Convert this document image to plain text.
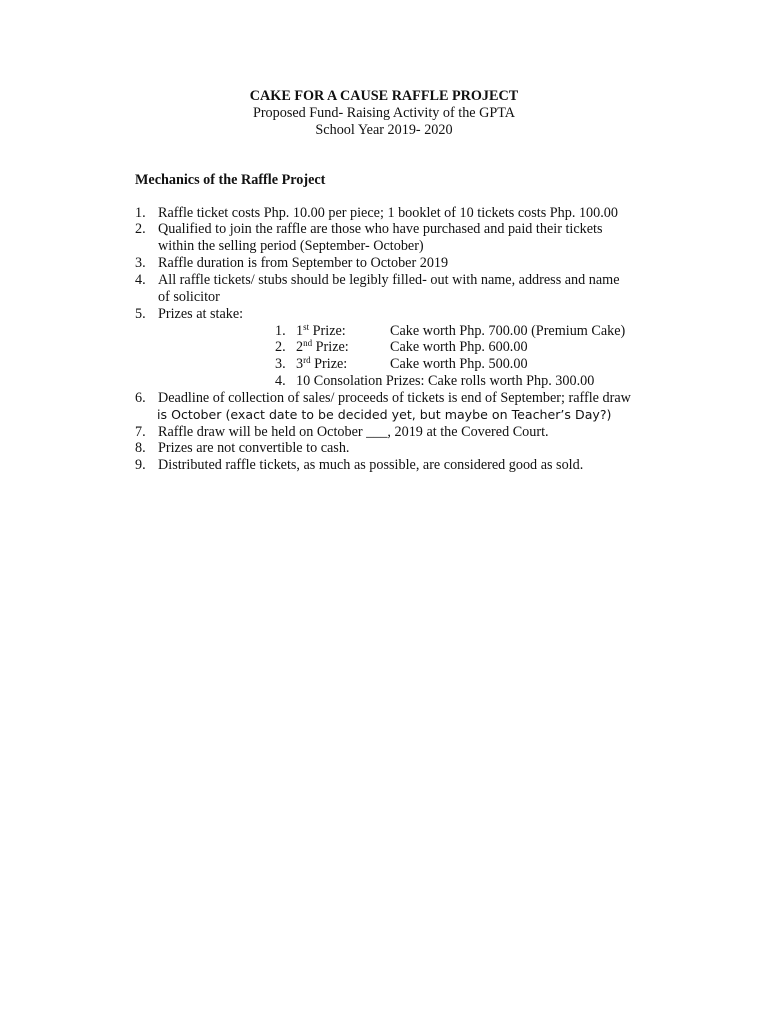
CAKE FOR A CAUSE RAFFLE PROJECT
Proposed Fund- Raising Activity of the GPTA
School Year 2019- 2020
Mechanics of the Raffle Project
1. Raffle ticket costs Php. 10.00 per piece; 1 booklet of 10 tickets costs Php. 100.00
2. Qualified to join the raffle are those who have purchased and paid their tickets
within the selling period (September- October)
3. Raffle duration is from September to October 2019
4. All raffle tickets/ stubs should be legibly filled- out with name, address and name
of solicitor
5. Prizes at stake:
1. 1st Prize:	Cake worth Php. 700.00 (Premium Cake)
2. 2nd Prize:	Cake worth Php. 600.00
3. 3rd Prize:	Cake worth Php. 500.00
4. 10 Consolation Prizes: Cake rolls worth Php. 300.00
6. Deadline of collection of sales/ proceeds of tickets is end of September; raffle draw
is October (exact date to be decided yet, but maybe on Teacher’s Day?)
7. Raffle draw will be held on October ___, 2019 at the Covered Court.
8. Prizes are not convertible to cash.
9. Distributed raffle tickets, as much as possible, are considered good as sold.
